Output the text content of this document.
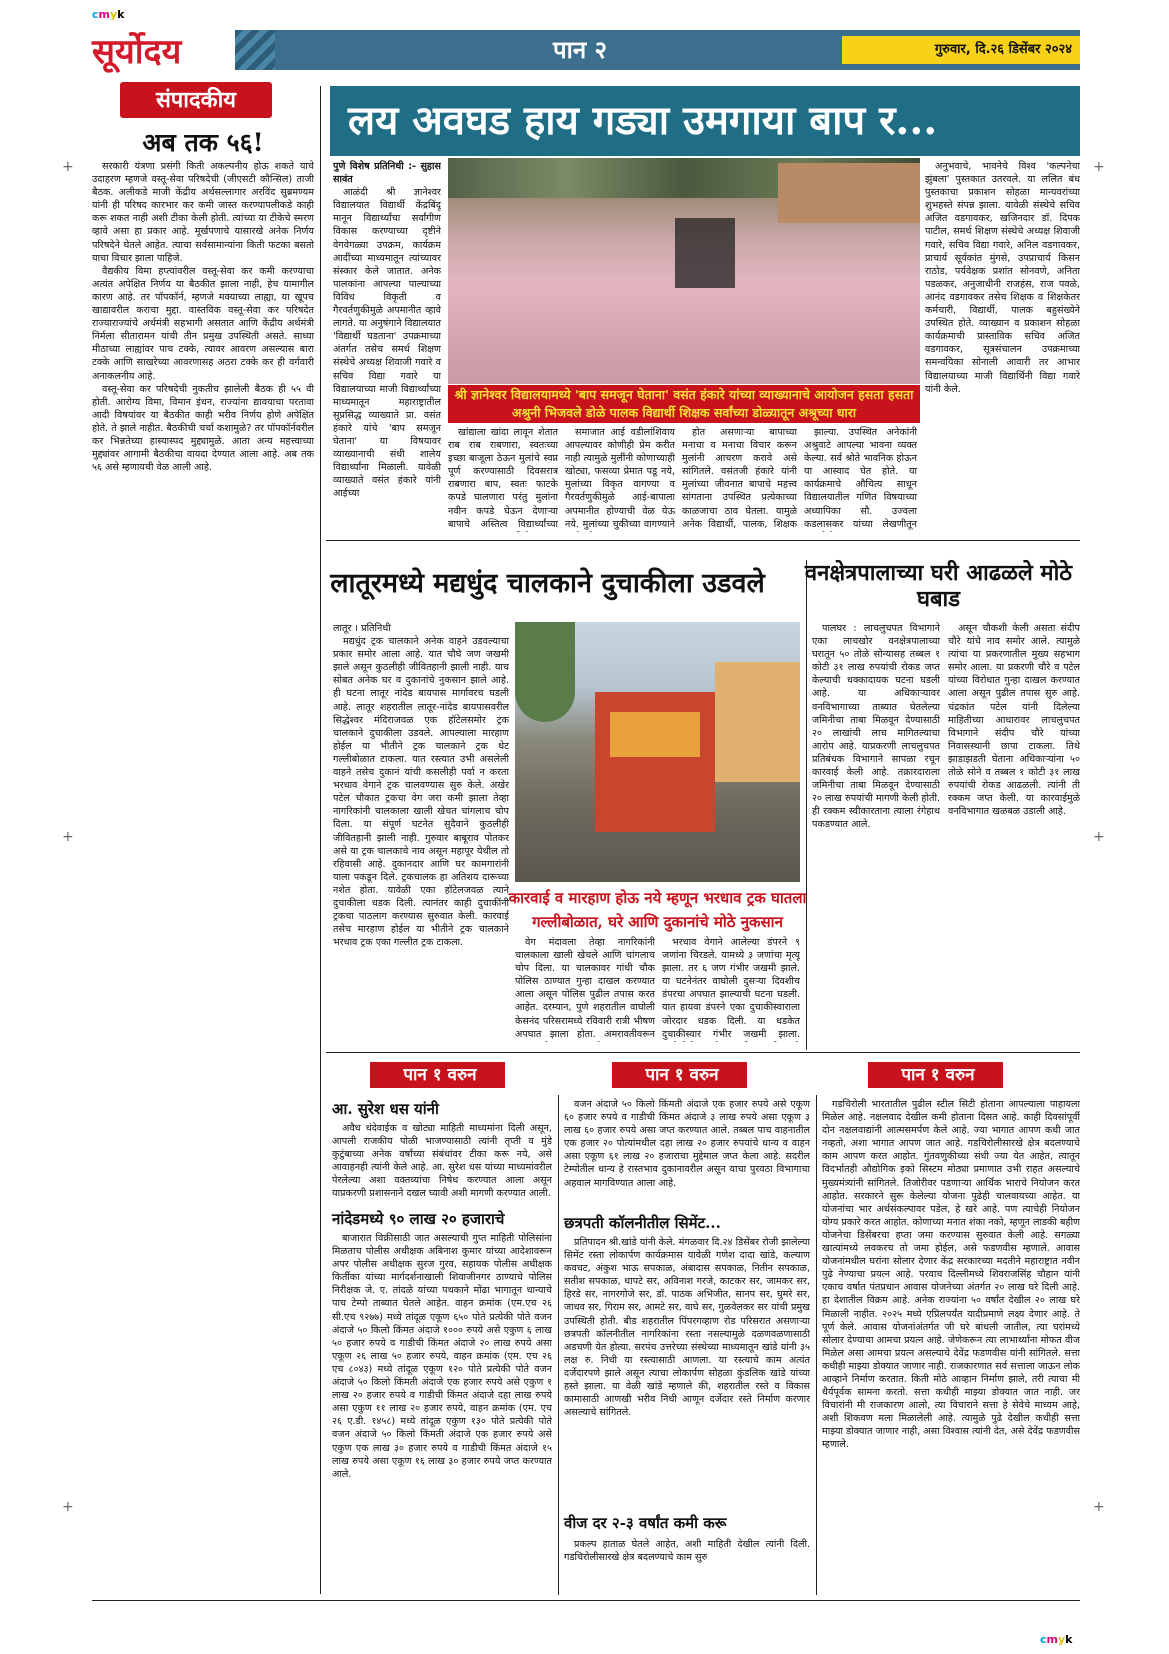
cmyk
cmyk
+
+
+
+
+
+
सूर्योदय
संपादकीय
पान २	गुरुवार, दि.२६ डिसेंबर २०२४
अब तक ५६!

सरकारी यंत्रणा प्रसंगी किती अकल्पनीय होऊ शकते याचे उदाहरण म्हणजे वस्तू-सेवा परिषदेची (जीएसटी कौन्सिल) ताजी बैठक. अलीकडे माजी केंद्रीय अर्थसल्लागार अरविंद सुब्रमण्यम यांनी ही परिषद कारभार कर कमी जास्त करण्यापलीकडे काही करू शकत नाही अशी टीका केली होती. त्यांच्या या टीकेचे स्मरण व्हावे असा हा प्रकार आहे. मूर्खपणाचे यासारखे अनेक निर्णय परिषदेने घेतले आहेत. त्याचा सर्वसामान्यांना किती फटका बसतो याचा विचार झाला पाहिजे.

वैद्यकीय विमा हप्त्यांवरील वस्तू-सेवा कर कमी करण्याचा अत्यंत अपेक्षित निर्णय या बैठकीत झाला नाही, हेच यामागील कारण आहे. तर पॉपकॉर्न, म्हणजे मक्याच्या लाह्या, या खूपच खाद्यावरील कराचा मुद्दा. वास्तविक वस्तू-सेवा कर परिषदेत राज्याराज्यांचे अर्थमंत्री सहभागी असतात आणि केंद्रीय अर्थमंत्री निर्मला सीतारामन यांची तीन प्रमुख उपस्थिती असते. साध्या मीठाच्या लाह्यांवर पाच टक्के, त्यावर आवरण असल्यास बारा टक्के आणि साखरेच्या आवरणासह अठरा टक्के कर ही वर्गवारी अनाकलनीय आहे.

वस्तू-सेवा कर परिषदेची नुकतीच झालेली बैठक ही ५५ वी होती. आरोग्य विमा, विमान इंधन, राज्यांना द्यावयाचा परतावा आदी विषयांवर या बैठकीत काही भरीव निर्णय होणे अपेक्षित होते. ते झाले नाहीत. बैठकीची चर्चा कशामुळे? तर पॉपकॉर्नवरील कर भिन्नतेच्या हास्यास्पद मुद्द्यामुळे. आता अन्य महत्त्वाच्या मुद्द्यांवर आगामी बैठकीचा वायदा देण्यात आला आहे. अब तक ५६ असे म्हणायची वेळ आली आहे.

लय अवघड हाय गड्या उमगाया बाप र...

पुणे विशेष प्रतिनिधी :- सुहास सावंत

आळंदी श्री ज्ञानेश्वर विद्यालयात विद्यार्थी केंद्रबिंदू मानून विद्यार्थ्यांचा सर्वांगीण विकास करण्याच्या दृष्टीने वेगवेगळ्या उपक्रम, कार्यक्रम आदींच्या माध्यमातून त्यांच्यावर संस्कार केले जातात. अनेक पालकांना आपल्या पाल्याच्या विविध विकृती व गैरवर्तणुकीमुळे अपमानीत व्हावे लागते. या अनुषंगाने विद्यालयात 'विद्यार्थी घडताना' उपक्रमाच्या अंतर्गत तसेच समर्थ शिक्षण संस्थेचे अध्यक्ष शिवाजी गवारे व सचिव विद्या गवारे या विद्यालयाच्या माजी विद्यार्थ्यांच्या माध्यमातून महाराष्ट्रातील सुप्रसिद्ध व्याख्याते प्रा. वसंत हंकारे यांचे 'बाप समजून घेताना' या विषयावर व्याख्यानाची संधी शालेय विद्यार्थ्यांना मिळाली. यावेळी व्याख्याते वसंत हंकारे यांनी आईच्या

श्री ज्ञानेश्वर विद्यालयामध्ये 'बाप समजून घेताना' वसंत हंकारे यांच्या व्याख्यानाचे आयोजन हसता हसता अश्रुनी भिजवले डोळे पालक विद्यार्थी शिक्षक सर्वांच्या डोळ्यातून अश्रूच्या धारा

खांद्याला खांदा लावून शेतात राब राब राबणारा, स्वतःच्या इच्छा बाजूला ठेऊन मुलांचे स्वप्न पूर्ण करण्यासाठी दिवसरात्र राबणारा बाप, स्वतः फाटके कपडे घालणारा परंतु मुलांना नवीन कपडे घेऊन देणाऱ्या बापाचे अस्तित्व विद्यार्थ्यांच्या

समाजात आई वडीलांशिवाय आपल्यावर कोणीही प्रेम करीत नाही त्यामुळे मुलींनी कोणाच्याही खोट्या, फसव्या प्रेमात पडू नये, मुलांच्या विकृत वागण्या व गैरवर्तणुकीमुळे आई-बापाला अपमानीत होण्याची वेळ येऊ नये. मुलांच्या चुकीच्या वागण्याने

होत असणाऱ्या बापाच्या मनाचा व मनाचा विचार करून मुलांनी आचरण करावे असे सांगितले. वसंतजी हंकारे यांनी मुलांच्या जीवनात बापाचे महत्त्व सांगताना उपस्थित प्रत्येकाच्या काळजाचा ठाव घेतला. यामुळे अनेक विद्यार्थी, पालक, शिक्षक

झाल्या. उपस्थित अनेकांनी अश्रुवाटे आपल्या भावना व्यक्त केल्या. सर्व श्रोते भावनिक होऊन या आस्वाद घेत होते. या कार्यक्रमाचे औचित्य साधून विद्यालयातील गणित विषयाच्या अध्यापिका सौ. उज्वला कडलासकर यांच्या लेखणीतून

अनुभवाचे, भावनेचे विश्व 'कल्पनेचा झुंबला' पुस्तकात उतरवले. या ललित बंध पुस्तकाचा प्रकाशन सोहळा मान्यवरांच्या शुभहस्ते संपन्न झाला. यावेळी संस्थेचे सचिव अजित वडगावकर, खजिनदार डॉ. दिपक पाटील, समर्थ शिक्षण संस्थेचे अध्यक्ष शिवाजी गवारे, सचिव विद्या गवारे, अनिल वडगावकर, प्राचार्य सूर्यकांत मुंगसे, उपप्राचार्य किसन राठोड, पर्यवेक्षक प्रशांत सोनवणे, अनिता पडळकर, अनुजाधीनी राजहंस, राज पवळे, आनंद वडगावकर तसेच शिक्षक व शिक्षकेतर कर्मचारी, विद्यार्थी, पालक बहुसंख्येने उपस्थित होते. व्याख्यान व प्रकाशन सोहळा कार्यक्रमाची प्रास्ताविक सचिव अजित वडगावकर, सूत्रसंचालन उपक्रमाच्या समन्वयिका सोनाली आवारी तर आभार विद्यालयाच्या माजी विद्यार्थिनी विद्या गवारे यांनी केले.

लातूरमध्ये मद्यधुंद चालकाने दुचाकीला उडवले

लातूर । प्रतिनिधी

मद्यधुंद ट्रक चालकाने अनेक वाहने उडवल्याचा प्रकार समोर आला आहे. यात चौघे जण जखमी झाले असून कुठलीही जीवितहानी झाली नाही. याच सोबत अनेक घर व दुकानांचे नुकसान झाले आहे. ही घटना लातूर नांदेड बायपास मार्गावरच घडली आहे. लातूर शहरातील लातूर-नांदेड बायपासवरील सिद्धेश्वर मंदिराजवळ एक हॉटेलसमोर ट्रक चालकाने दुचाकीला उडवले. आपल्याला मारहाण होईल या भीतीने ट्रक चालकाने ट्रक थेट गल्लीबोळात टाकला. यात रस्त्यात उभी असलेली वाहने तसेच दुकानं यांची कसलीही पर्वा न करता भरधाव वेगाने ट्रक चालवण्यास सुरु केले. अखेर पटेल चौकात ट्रकचा वेग जरा कमी झाला तेव्हा नागरिकांनी चालकाला खाली खेचत चांगलाच चोप दिला. या संपूर्ण घटनेत सुदैवाने कुठलीही जीवितहानी झाली नाही. गुरुवार बाबूराव पोतकर असे या ट्रक चालकाचे नाव असून महापूर येथील तो रहिवासी आहे. दुकानदार आणि घर कामगारांनी याला पकडून दिले. ट्रकचालक हा अतिशय दारूच्या नशेत होता. यावेळी एका हॉटेलजवळ त्याने दुचाकीला धडक दिली. त्यानंतर काही दुचाकींनी ट्रकचा पाठलाग करण्यास सुरुवात केली. कारवाई तसेच मारहाण होईल या भीतीने ट्रक चालकाने भरधाव ट्रक एका गल्लीत ट्रक टाकला.

कारवाई व मारहाण होऊ नये म्हणून भरधाव ट्रक घातला गल्लीबोळात, घरे आणि दुकानांचे मोठे नुकसान

वेग मंदावला तेव्हा नागरिकांनी चालकाला खाली खेचले आणि चांगलाच चोप दिला. या चालकावर गांधी चौक पोलिस ठाण्यात गुन्हा दाखल करण्यात आला असून पोलिस पुढील तपास करत आहेत. दरम्यान, पुणे शहरातील वाघोली केसनंद परिसरामध्ये रविवारी रात्री भीषण अपघात झाला होता. अमरावतीवरून

भरधाव वेगाने आलेल्या डंपरने ९ जणांना चिरडले. यामध्ये ३ जणांचा मृत्यू झाला. तर ६ जण गंभीर जखमी झाले. या घटनेनंतर वाघोली दुसऱ्या दिवशीच डंपरचा अपघात झाल्याची घटना घडली. यात हायवा डंपरने एका दुचाकीस्वाराला जोरदार धडक दिली. या धडकेत दुचाकीस्वार गंभीर जखमी झाला.

वनक्षेत्रपालाच्या घरी आढळले मोठे घबाड

पालघर : लाचलुचपत विभागाने एका लाचखोर वनक्षेत्रपालाच्या घरातून ५० तोळे सोन्यासह तब्बल १ कोटी ३१ लाख रुपयांची रोकड जप्त केल्याची धक्कादायक घटना घडली आहे. या अधिकाऱ्यावर वनविभागाच्या ताब्यात घेतलेल्या जमिनीचा ताबा मिळवून देण्यासाठी २० लाखांची लाच मागितल्याचा आरोप आहे. याप्रकरणी लाचलुचपत प्रतिबंधक विभागाने सापळा रचून कारवाई केली आहे. तक्रारदाराला जमिनीचा ताबा मिळवून देण्यासाठी २० लाख रुपयांची मागणी केली होती. ही रक्कम स्वीकारताना त्याला रंगेहाथ पकडण्यात आले.

असून चौकशी केली असता संदीप चौरे यांचे नाव समोर आले. त्यामुळे त्यांचा या प्रकरणातील मुख्य सहभाग समोर आला. या प्रकरणी चौरे व पटेल यांच्या विरोधात गुन्हा दाखल करण्यात आला असून पुढील तपास सुरु आहे. चंद्रकांत पटेल यांनी दिलेल्या माहितीच्या आधारावर लाचलुचपत विभागाने संदीप चौरे यांच्या निवासस्थानी छापा टाकला. तिथे झाडाझडती घेताना अधिकाऱ्यांना ५० तोळे सोने व तब्बल १ कोटी ३१ लाख रुपयांची रोकड आढळली. त्यांनी ती रक्कम जप्त केली. या कारवाईमुळे वनविभागात खळबळ उडाली आहे.

पान १ वरुन	पान १ वरुन	पान १ वरुन
आ. सुरेश धस यांनी

अवैध धंदेवाईक व खोट्या माहिती माध्यमांना दिली असून, आपली राजकीय पोळी भाजण्यासाठी त्यांनी तृप्ती व मुंडे कुटुंबाच्या अनेक वर्षांच्या संबंधांवर टीका करू नये, असे आवाहनही त्यांनी केले आहे. आ. सुरेश धस यांच्या माध्यमांवरील पेरलेल्या अशा वक्तव्यांचा निषेध करण्यात आला असून याप्रकरणी प्रशासनाने दखल घ्यावी अशी मागणी करण्यात आली.

नांदेडमध्ये ९० लाख २० हजाराचे

बाजारात विक्रीसाठी जात असल्याची गुप्त माहिती पोलिसांना मिळताच पोलीस अधीक्षक अबिनाश कुमार यांच्या आदेशावरून अपर पोलीस अधीक्षक सुरज गुरव, सहायक पोलीस अधीक्षक किर्तीका यांच्या मार्गदर्शनाखाली शिवाजीनगर ठाण्याचे पोलिस निरीक्षक जे. ए. तांदळे यांच्या पथकाने मोंढा भागातून धान्याचे पाच टेम्पो ताब्यात घेतले आहेत. वाहन क्रमांक (एम.एच २६ सी.एच ९२७७) मध्ये तांदूळ एकूण ६५० पोते प्रत्येकी पोते वजन अंदाजे ५० किलो किंमत अंदाजे १००० रुपये असे एकुण ६ लाख ५० हजार रुपये व गाडीची किंमत अंदाजे २० लाख रुपये असा एकूण २६ लाख ५० हजार रुपये, वाहन क्रमांक (एम. एच २६ एच ८०४३) मध्ये तांदूळ एकूण १२० पोते प्रत्येकी पोते वजन अंदाजे ५० किलो किंमती अंदाजे एक हजार रुपये असे एकुण १ लाख २० हजार रुपये व गाडीची किंमत अंदाजे दहा लाख रुपये असा एकुण ११ लाख २० हजार रुपये, वाहन क्रमांक (एम. एच २६ ए.डी. १४५८) मध्ये तांदूळ एकुण १३० पोते प्रत्येकी पोते वजन अंदाजे ५० किलो किंमती अंदाजे एक हजार रुपये असे एकुण एक लाख ३० हजार रुपये व गाडीची किंमत अंदाजे १५ लाख रुपये असा एकूण १६ लाख ३० हजार रुपये जप्त करण्यात आले.

वजन अंदाजे ५० किलो किंमती अंदाजे एक हजार रुपये असे एकूण ६० हजार रुपये व गाडीची किंमत अंदाजे ३ लाख रुपये असा एकूण ३ लाख ६० हजार रुपये असा जप्त करण्यात आले. तब्बल पाच वाहनातील एक हजार २० पोत्यांमधील दहा लाख २० हजार रुपयांचे धान्य व वाहन असा एकूण ६१ लाख २० हजाराचा मुद्देमाल जप्त केला आहे. सदरील टेम्पोतील धान्य हे रास्तभाव दुकानावरील असून याचा पुरवठा विभागाचा अहवाल मागविण्यात आला आहे.

छत्रपती कॉलनीतील सिमेंट...

प्रतिपादन श्री.खांडे यांनी केले. मंगळवार दि.२४ डिसेंबर रोजी झालेल्या सिमेंट रस्ता लोकार्पण कार्यक्रमास यावेळी गणेश दादा खांडे, कल्याण कवचट, अंकुश भाऊ सपकाळ, अंबादास सपकाळ, नितीन सपकाळ, सतीश सपकाळ, धापटे सर, अविनाश गरजे, काटकर सर, जामकर सर, हिरडे सर, नागरगोजे सर, डॉ. पाठक अभिजीत, सानप सर, घुमरे सर, जाधव सर, गिराम सर, आमटे सर, वाघे सर, गुळवेलकर सर यांची प्रमुख उपस्थिती होती. बीड शहरातील पिंपरगव्हाण रोड परिसरात असणाऱ्या छत्रपती कॉलनीतील नागरिकांना रस्ता नसल्यामुळे दळणवळणासाठी अडचणी येत होत्या. सरपंच उत्तरेच्या संस्थेच्या माध्यमातून खांडे यांनी ३५ लक्ष रु. निधी या रस्त्यासाठी आणला. या रस्त्याचे काम अत्यंत दर्जेदारपणे झाले असून त्याचा लोकार्पण सोहळा कुंडलिक खांडे यांच्या हस्ते झाला. या वेळी खांडे म्हणाले की, शहरातील रस्ते व विकास कामासाठी आणखी भरीव निधी आणून दर्जेदार रस्ते निर्माण करणार असल्याचे सांगितले.

वीज दर २-३ वर्षांत कमी करू

प्रकल्प हाताळ घेतले आहेत, अशी माहिती देखील त्यांनी दिली. गडचिरोलीसारखे क्षेत्र बदलण्याचे काम सुरु

गडचिरोली भारतातील पुढील स्टील सिटी होताना आपल्याला पाहायला मिळेल आहे. नक्षलवाद देखील कमी होताना दिसत आहे. काही दिवसांपूर्वी दोन नक्षलवाद्यांनी आत्मसमर्पण केले आहे. ज्या भागात आपण कधी जात नव्हतो, अशा भागात आपण जात आहे. गडचिरोलीसारखे क्षेत्र बदलण्याचे काम आपण करत आहोत. गुंतवणुकीच्या संधी ज्या येत आहेत, त्यातून विदर्भातही औद्योगिक इको सिस्टम मोठ्या प्रमाणात उभी राहत असल्याचे मुख्यमंत्र्यांनी सांगितले. तिजोरीवर पडणाऱ्या आर्थिक भाराचे नियोजन करत आहोत. सरकारने सुरू केलेल्या योजना पुढेही चालवायच्या आहेत. या योजनांचा भार अर्थसंकल्पावर पडेल, हे खरे आहे. पण त्याचेही नियोजन योग्य प्रकारे करत आहोत. कोणाच्या मनात शंका नको, म्हणून लाडकी बहीण योजनेचा डिसेंबरचा हप्ता जमा करण्यास सुरुवात केली आहे. सगळ्या खात्यांमध्ये लवकरच तो जमा होईल, असे फडणवीस म्हणाले. आवास योजनांमधील घरांना सोलार देणार केंद्र सरकारच्या मदतीने महाराष्ट्रात नवीन पुढे नेण्याचा प्रयत्न आहे. परवाच दिल्लीमध्ये शिवराजसिंह चौहान यांनी एकाच वर्षात पंतप्रधान आवास योजनेच्या अंतर्गत २० लाख घरे दिली आहे. हा देशातील विक्रम आहे. अनेक राज्यांना ५० वर्षांत देखील २० लाख घरे मिळाली नाहीत. २०२५ मध्ये एप्रिलपर्यंत यादीप्रमाणे लक्ष्य देणार आहे. ते पूर्ण केले. आवास योजनांअंतर्गत जी घरे बांधली जातील, त्या घरांमध्ये सोलार देण्याचा आमचा प्रयत्न आहे. जेणेकरून त्या लाभार्थ्यांना मोफत वीज मिळेल असा आमचा प्रयत्न असल्याचे देवेंद्र फडणवीस यांनी सांगितले. सत्ता कधीही माझ्या डोक्यात जाणार नाही. राजकारणात सर्व सत्ताला जाऊन लोक आव्हाने निर्माण करतात. किती मोठे आव्हान निर्माण झाले, तरी त्याचा मी धैर्यपूर्वक सामना करतो. सत्ता कधीही माझ्या डोक्यात जात नाही. जर विचारांनी मी राजकारण आलो, त्या विचाराने सत्ता हे सेवेचे माध्यम आहे, अशी शिकवण मला मिळालेली आहे. त्यामुळे पुढे देखील कधीही सत्ता माझ्या डोक्यात जाणार नाही, असा विश्वास त्यांनी देत, असे देवेंद्र फडणवीस म्हणाले.
